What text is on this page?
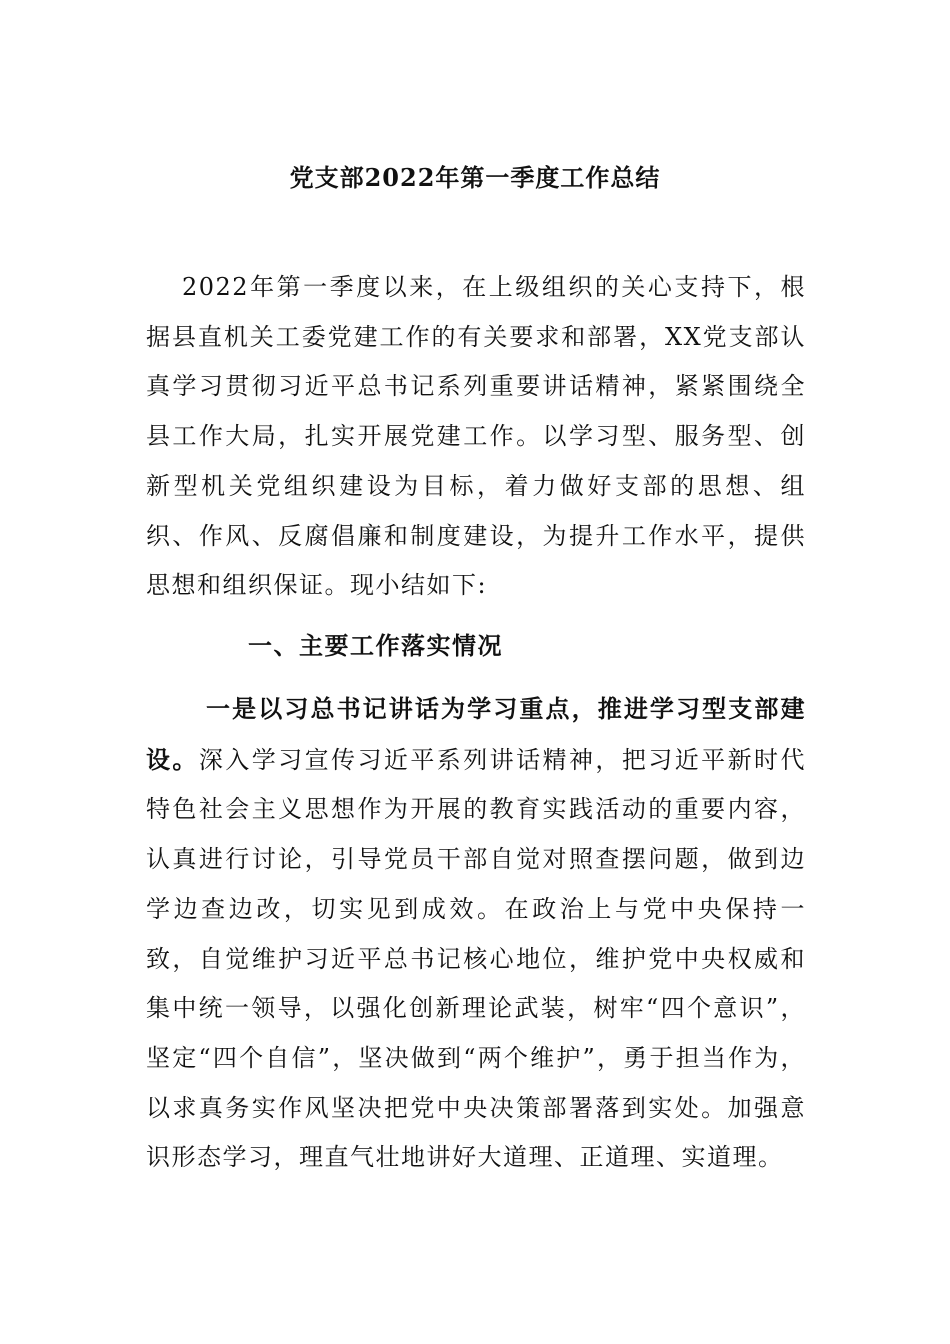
党支部2022年第一季度工作总结

2022年第一季度以来，在上级组织的关心支持下，根据县直机关工委党建工作的有关要求和部署，XX党支部认真学习贯彻习近平总书记系列重要讲话精神，紧紧围绕全县工作大局，扎实开展党建工作。以学习型、服务型、创新型机关党组织建设为目标，着力做好支部的思想、组织、作风、反腐倡廉和制度建设，为提升工作水平，提供思想和组织保证。现小结如下:

一、主要工作落实情况

一是以习总书记讲话为学习重点，推进学习型支部建设。深入学习宣传习近平系列讲话精神，把习近平新时代特色社会主义思想作为开展的教育实践活动的重要内容，认真进行讨论，引导党员干部自觉对照查摆问题，做到边学边查边改，切实见到成效。在政治上与党中央保持一致，自觉维护习近平总书记核心地位，维护党中央权威和集中统一领导，以强化创新理论武装，树牢“四个意识”，坚定“四个自信”，坚决做到“两个维护”，勇于担当作为，以求真务实作风坚决把党中央决策部署落到实处。加强意识形态学习，理直气壮地讲好大道理、正道理、实道理。
